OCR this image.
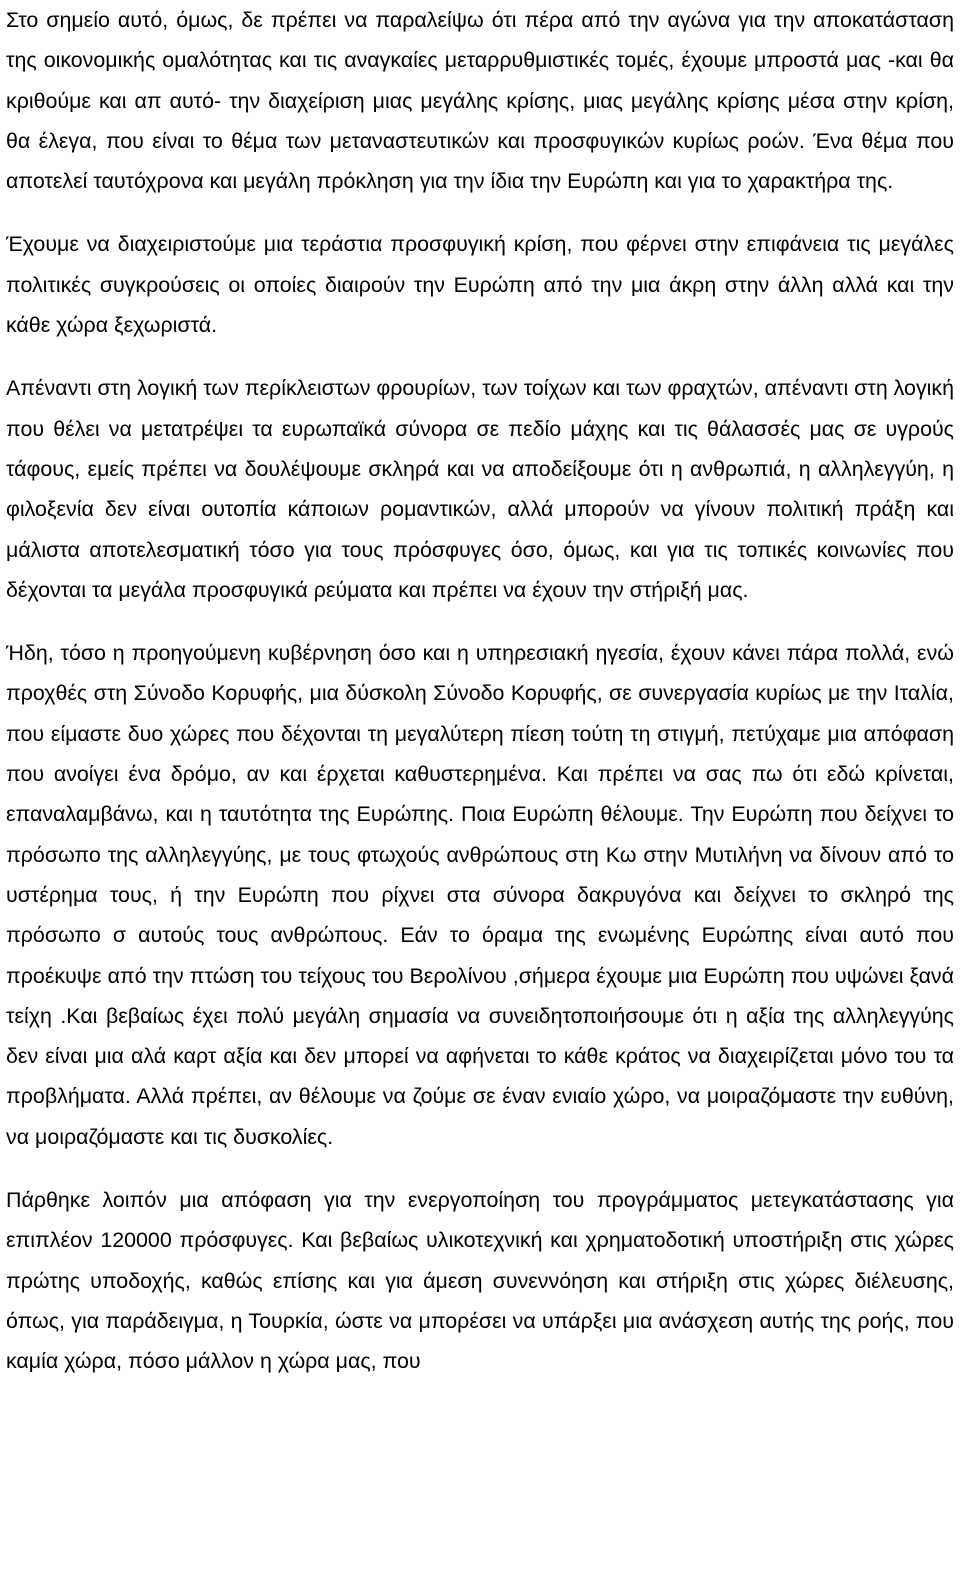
Στο σημείο αυτό, όμως, δε πρέπει να παραλείψω ότι πέρα από την αγώνα για την αποκατάσταση της οικονομικής ομαλότητας και τις αναγκαίες μεταρρυθμιστικές τομές, έχουμε μπροστά μας -και θα κριθούμε και απ αυτό- την διαχείριση μιας μεγάλης κρίσης, μιας μεγάλης κρίσης μέσα στην κρίση, θα έλεγα, που είναι το θέμα των μεταναστευτικών και προσφυγικών κυρίως ροών. Ένα θέμα που αποτελεί ταυτόχρονα και μεγάλη πρόκληση για την ίδια την Ευρώπη και για το χαρακτήρα της.

Έχουμε να διαχειριστούμε μια τεράστια προσφυγική κρίση, που φέρνει στην επιφάνεια τις μεγάλες πολιτικές συγκρούσεις οι οποίες διαιρούν την Ευρώπη από την μια άκρη στην άλλη αλλά και την κάθε χώρα ξεχωριστά.

Απέναντι στη λογική των περίκλειστων φρουρίων, των τοίχων και των φραχτών, απέναντι στη λογική που θέλει να μετατρέψει τα ευρωπαϊκά σύνορα σε πεδίο μάχης και τις θάλασσές μας σε υγρούς τάφους, εμείς πρέπει να δουλέψουμε σκληρά και να αποδείξουμε ότι η ανθρωπιά, η αλληλεγγύη, η φιλοξενία δεν είναι ουτοπία κάποιων ρομαντικών, αλλά μπορούν να γίνουν πολιτική πράξη και μάλιστα αποτελεσματική τόσο για τους πρόσφυγες όσο, όμως, και για τις τοπικές κοινωνίες που δέχονται τα μεγάλα προσφυγικά ρεύματα και πρέπει να έχουν την στήριξή μας.

Ήδη, τόσο η προηγούμενη κυβέρνηση όσο και η υπηρεσιακή ηγεσία, έχουν κάνει πάρα πολλά, ενώ προχθές στη Σύνοδο Κορυφής, μια δύσκολη Σύνοδο Κορυφής, σε συνεργασία κυρίως με την Ιταλία, που είμαστε δυο χώρες που δέχονται τη μεγαλύτερη πίεση τούτη τη στιγμή, πετύχαμε μια απόφαση που ανοίγει ένα δρόμο, αν και έρχεται καθυστερημένα. Και πρέπει να σας πω ότι εδώ κρίνεται, επαναλαμβάνω, και η ταυτότητα της Ευρώπης. Ποια Ευρώπη θέλουμε. Την Ευρώπη που δείχνει το πρόσωπο της αλληλεγγύης, με τους φτωχούς ανθρώπους στη Κω στην Μυτιλήνη να δίνουν από το υστέρημα τους, ή την Ευρώπη που ρίχνει στα σύνορα δακρυγόνα και δείχνει το σκληρό της πρόσωπο σ αυτούς τους ανθρώπους. Εάν το όραμα της ενωμένης Ευρώπης είναι αυτό που προέκυψε από την πτώση του τείχους του Βερολίνου ,σήμερα έχουμε μια Ευρώπη που υψώνει ξανά τείχη .Και βεβαίως έχει πολύ μεγάλη σημασία να συνειδητοποιήσουμε ότι η αξία της αλληλεγγύης δεν είναι μια αλά καρτ αξία και δεν μπορεί να αφήνεται το κάθε κράτος να διαχειρίζεται μόνο του τα προβλήματα. Αλλά πρέπει, αν θέλουμε να ζούμε σε έναν ενιαίο χώρο, να μοιραζόμαστε την ευθύνη, να μοιραζόμαστε και τις δυσκολίες.

Πάρθηκε λοιπόν μια απόφαση για την ενεργοποίηση του προγράμματος μετεγκατάστασης για επιπλέον 120000 πρόσφυγες. Και βεβαίως υλικοτεχνική και χρηματοδοτική υποστήριξη στις χώρες πρώτης υποδοχής, καθώς επίσης και για άμεση συνεννόηση και στήριξη στις χώρες διέλευσης, όπως, για παράδειγμα, η Τουρκία, ώστε να μπορέσει να υπάρξει μια ανάσχεση αυτής της ροής, που καμία χώρα, πόσο μάλλον η χώρα μας, που
